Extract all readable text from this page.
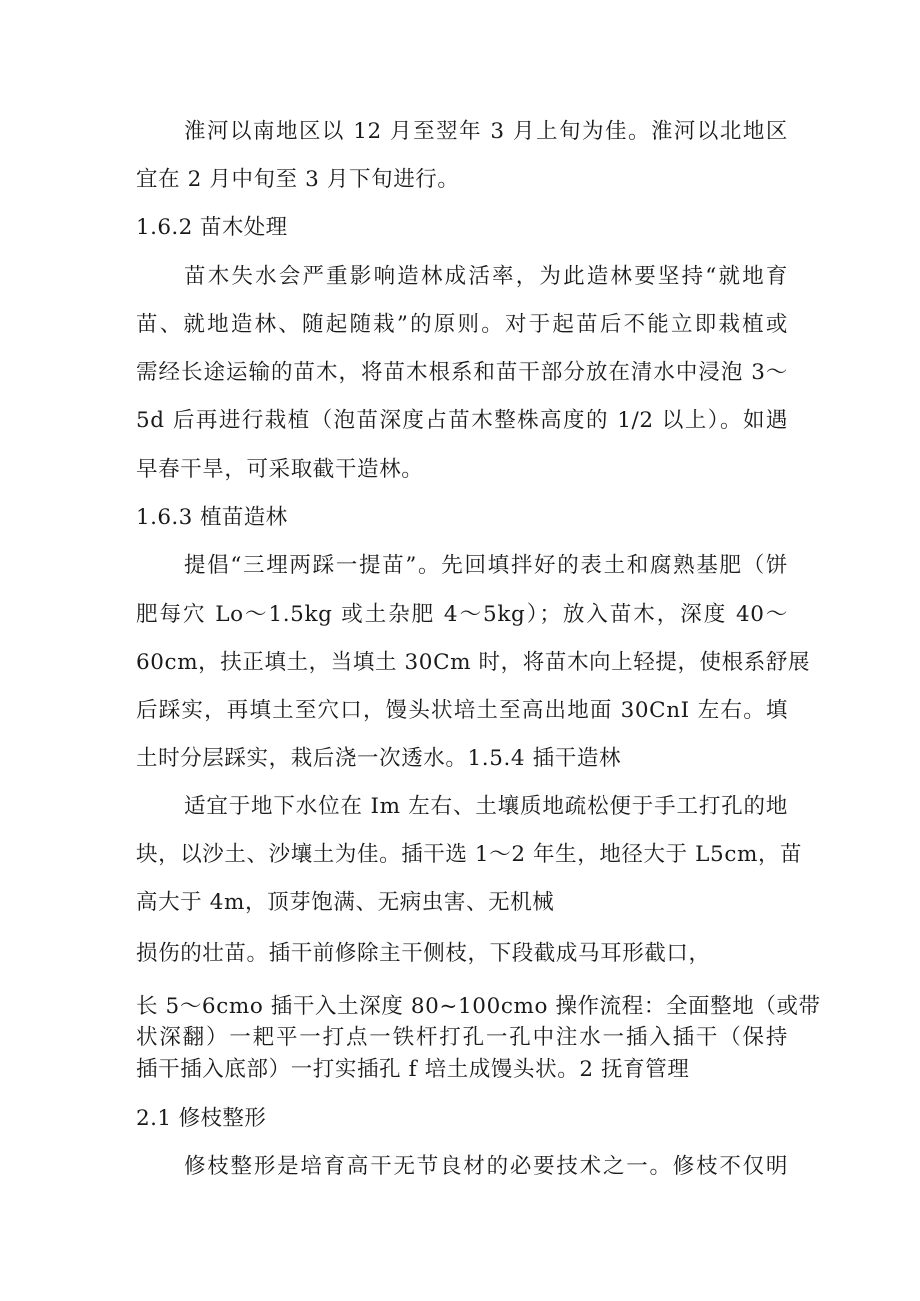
淮河以南地区以 12 月至翌年 3 月上旬为佳。淮河以北地区
宜在 2 月中旬至 3 月下旬进行。
1.6.2 苗木处理
苗木失水会严重影响造林成活率，为此造林要坚持“就地育
苗、就地造林、随起随栽”的原则。对于起苗后不能立即栽植或
需经长途运输的苗木，将苗木根系和苗干部分放在清水中浸泡 3～
5d 后再进行栽植（泡苗深度占苗木整株高度的 1/2 以上）。如遇
早春干旱，可采取截干造林。
1.6.3 植苗造林
提倡“三埋两踩一提苗”。先回填拌好的表土和腐熟基肥（饼
肥每穴 Lo～1.5kg 或土杂肥 4～5kg）；放入苗木，深度 40～
60cm，扶正填土，当填土 30Cm 时，将苗木向上轻提，使根系舒展
后踩实，再填土至穴口，馒头状培土至高出地面 30CnI 左右。填
土时分层踩实，栽后浇一次透水。1.5.4 插干造林
适宜于地下水位在 Im 左右、土壤质地疏松便于手工打孔的地
块，以沙土、沙壤土为佳。插干选 1～2 年生，地径大于 L5cm，苗
高大于 4m，顶芽饱满、无病虫害、无机械
损伤的壮苗。插干前修除主干侧枝，下段截成马耳形截口，
长 5～6cmo 插干入土深度 80~100cmo 操作流程：全面整地（或带
状深翻）一耙平一打点一铁杆打孔一孔中注水一插入插干（保持
插干插入底部）一打实插孔 f 培土成馒头状。2 抚育管理
2.1 修枝整形
修枝整形是培育高干无节良材的必要技术之一。修枝不仅明
